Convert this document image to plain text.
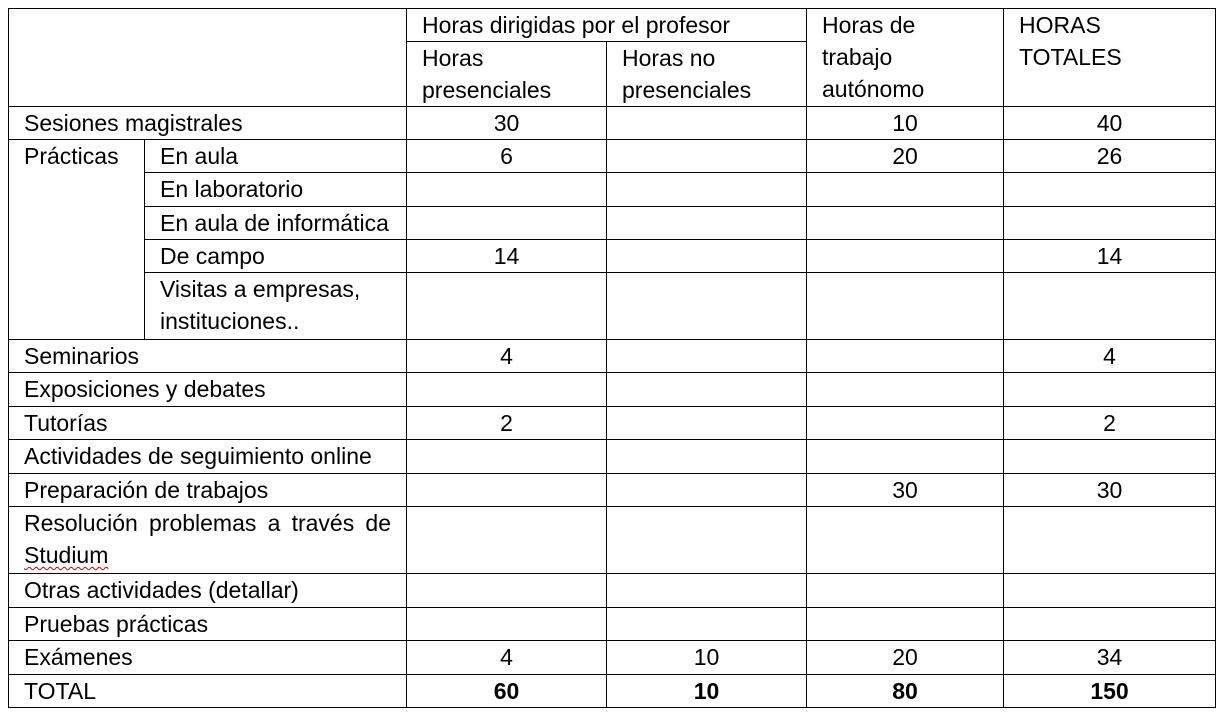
		Horas dirigidas por el profesor		Horas de trabajo autónomo	HORAS TOTALES
		Horas presenciales	Horas no presenciales		
Sesiones magistrales		30		10	40
Prácticas	En aula	6		20	26
	En laboratorio				
	En aula de informática				
	De campo	14			14
	Visitas a empresas, instituciones..				
Seminarios		4			4
Exposiciones y debates					
Tutorías		2			2
Actividades de seguimiento online					
Preparación de trabajos				30	30
Resolución problemas a través de Studium					
Otras actividades (detallar)					
Pruebas prácticas					
Exámenes		4	10	20	34
TOTAL		60	10	80	150
